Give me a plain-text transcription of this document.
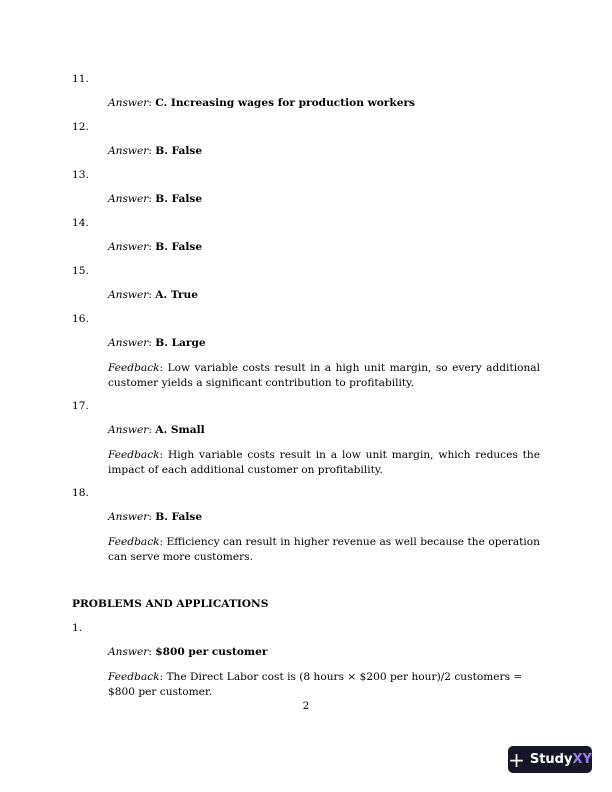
11.
Answer: C. Increasing wages for production workers
12.
Answer: B. False
13.
Answer: B. False
14.
Answer: B. False
15.
Answer: A. True
16.
Answer: B. Large
Feedback: Low variable costs result in a high unit margin, so every additional customer yields a significant contribution to profitability.
17.
Answer: A. Small
Feedback: High variable costs result in a low unit margin, which reduces the impact of each additional customer on profitability.
18.
Answer: B. False
Feedback: Efficiency can result in higher revenue as well because the operation can serve more customers.
PROBLEMS AND APPLICATIONS
1.
Answer: $800 per customer
Feedback: The Direct Labor cost is (8 hours × $200 per hour)/2 customers = $800 per customer.
2
+ Study XY
